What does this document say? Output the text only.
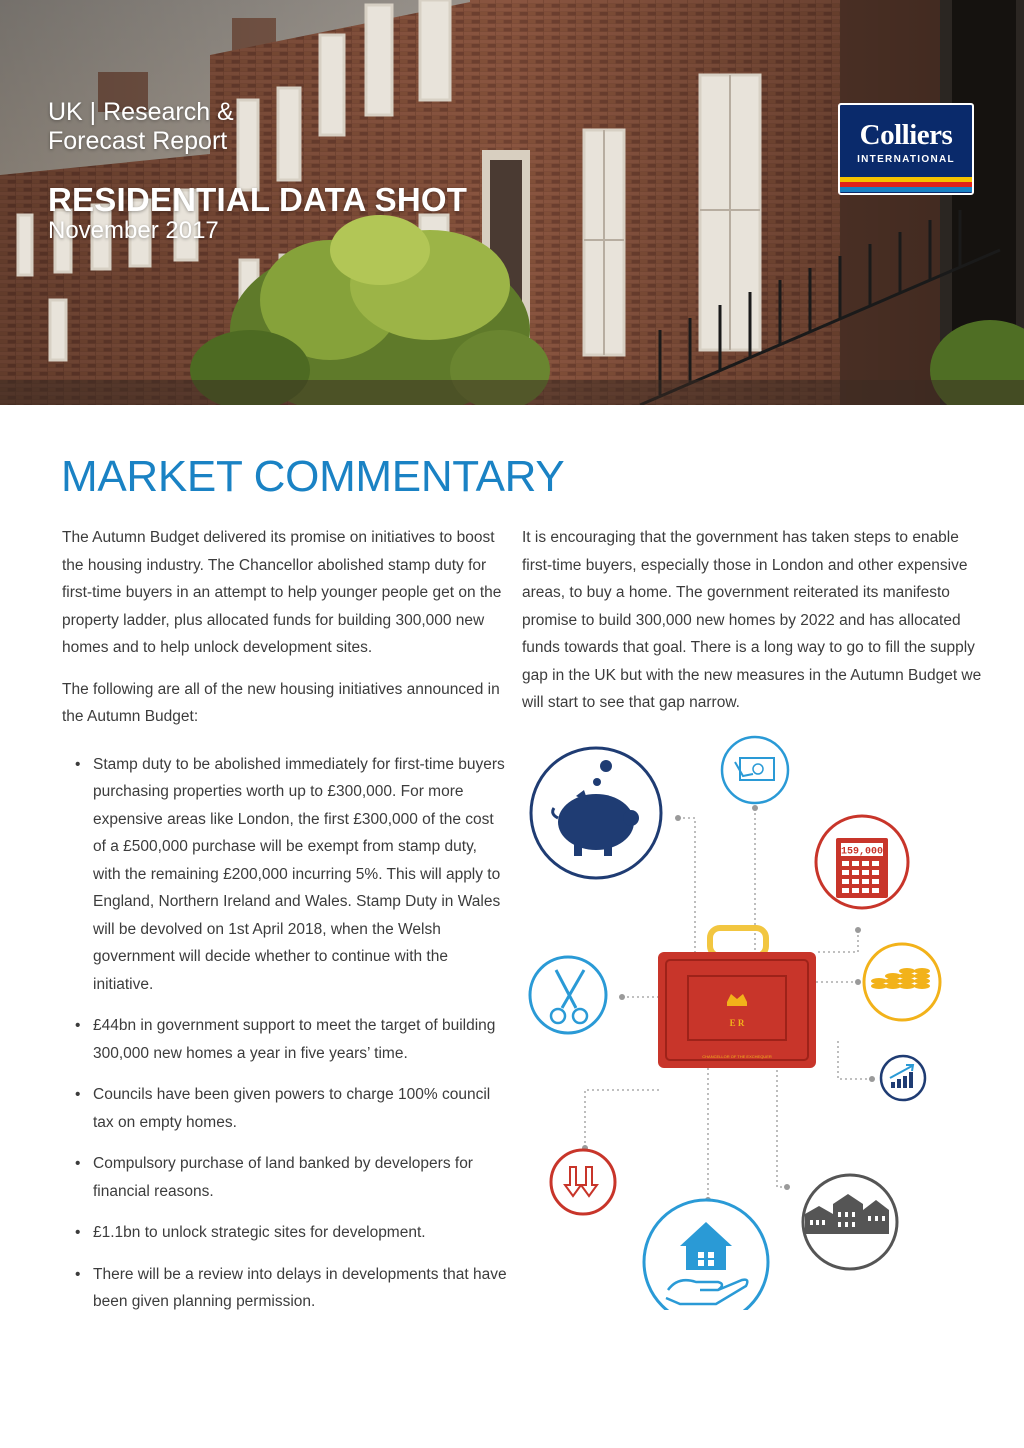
UK | Research &
Forecast Report
RESIDENTIAL DATA SHOT
November 2017
Colliers
INTERNATIONAL
MARKET COMMENTARY

The Autumn Budget delivered its promise on initiatives to boost the housing industry. The Chancellor abolished stamp duty for first-time buyers in an attempt to help younger people get on the property ladder, plus allocated funds for building 300,000 new homes and to help unlock development sites.

The following are all of the new housing initiatives announced in the Autumn Budget:

• Stamp duty to be abolished immediately for first-time buyers purchasing properties worth up to £300,000. For more expensive areas like London, the first £300,000 of the cost of a £500,000 purchase will be exempt from stamp duty, with the remaining £200,000 incurring 5%. This will apply to England, Northern Ireland and Wales. Stamp Duty in Wales will be devolved on 1st April 2018, when the Welsh government will decide whether to continue with the initiative.
• £44bn in government support to meet the target of building 300,000 new homes a year in five years’ time.
• Councils have been given powers to charge 100% council tax on empty homes.
• Compulsory purchase of land banked by developers for financial reasons.
• £1.1bn to unlock strategic sites for development.
• There will be a review into delays in developments that have been given planning permission.

It is encouraging that the government has taken steps to enable first-time buyers, especially those in London and other expensive areas, to buy a home. The government reiterated its manifesto promise to build 300,000 new homes by 2022 and has allocated funds towards that goal. There is a long way to go to fill the supply gap in the UK but with the new measures in the Autumn Budget we will start to see that gap narrow.

159,000
E R
CHANCELLOR OF THE EXCHEQUER
